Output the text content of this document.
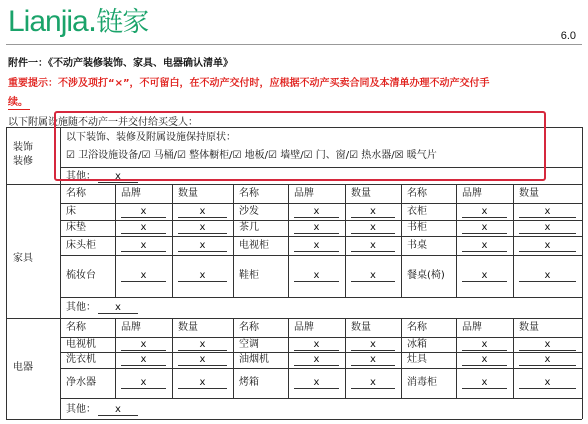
Lianjia.链家	6.0
附件一：《不动产装修装饰、家具、电器确认清单》
重要提示：不涉及项打“×”，不可留白，在不动产交付时，应根据不动产买卖合同及本清单办理不动产交付手
续。
以下附属设施随不动产一并交付给买受人：
装饰
装修
以下装饰、装修及附属设施保持原状：
☑ 卫浴设施设备/☑ 马桶/☑ 整体橱柜/☑ 地板/☑ 墙壁/☑ 门、窗/☑ 热水器/☒ 暖气片
其他：	x
家具
名称	品牌	数量	名称	品牌	数量	名称	品牌	数量
床	x	x	沙发	x	x	衣柜	x	x
床垫	x	x	茶几	x	x	书柜	x	x
床头柜	x	x	电视柜	x	x	书桌	x	x
梳妆台	x	x	鞋柜	x	x	餐桌(椅)	x	x
其他：	x
电器
名称	品牌	数量	名称	品牌	数量	名称	品牌	数量
电视机	x	x	空调	x	x	冰箱	x	x
洗衣机	x	x	油烟机	x	x	灶具	x	x
净水器	x	x	烤箱	x	x	消毒柜	x	x
其他：	x
